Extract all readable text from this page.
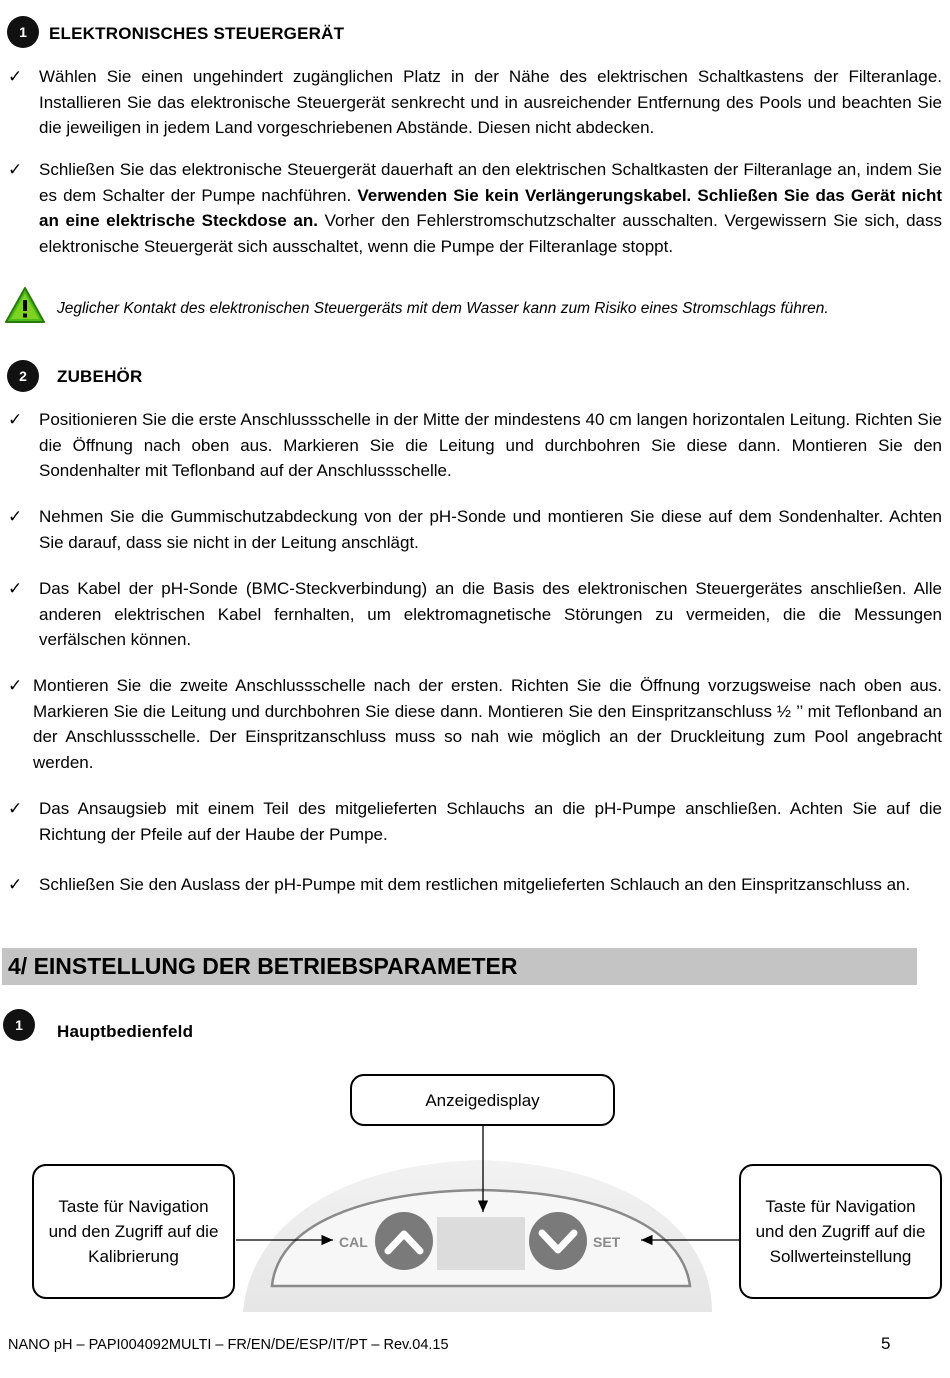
1	ELEKTRONISCHES STEUERGERÄT
✓ Wählen Sie einen ungehindert zugänglichen Platz in der Nähe des elektrischen Schaltkastens der Filteranlage. Installieren Sie das elektronische Steuergerät senkrecht und in ausreichender Entfernung des Pools und beachten Sie die jeweiligen in jedem Land vorgeschriebenen Abstände. Diesen nicht abdecken.
✓ Schließen Sie das elektronische Steuergerät dauerhaft an den elektrischen Schaltkasten der Filteranlage an, indem Sie es dem Schalter der Pumpe nachführen. Verwenden Sie kein Verlängerungskabel. Schließen Sie das Gerät nicht an eine elektrische Steckdose an. Vorher den Fehlerstromschutzschalter ausschalten. Vergewissern Sie sich, dass elektronische Steuergerät sich ausschaltet, wenn die Pumpe der Filteranlage stoppt.
Jeglicher Kontakt des elektronischen Steuergeräts mit dem Wasser kann zum Risiko eines Stromschlags führen.
2	ZUBEHÖR
✓ Positionieren Sie die erste Anschlussschelle in der Mitte der mindestens 40 cm langen horizontalen Leitung. Richten Sie die Öffnung nach oben aus. Markieren Sie die Leitung und durchbohren Sie diese dann. Montieren Sie den Sondenhalter mit Teflonband auf der Anschlussschelle.
✓ Nehmen Sie die Gummischutzabdeckung von der pH-Sonde und montieren Sie diese auf dem Sondenhalter. Achten Sie darauf, dass sie nicht in der Leitung anschlägt.
✓ Das Kabel der pH-Sonde (BMC-Steckverbindung) an die Basis des elektronischen Steuergerätes anschließen. Alle anderen elektrischen Kabel fernhalten, um elektromagnetische Störungen zu vermeiden, die die Messungen verfälschen können.
✓ Montieren Sie die zweite Anschlussschelle nach der ersten. Richten Sie die Öffnung vorzugsweise nach oben aus. Markieren Sie die Leitung und durchbohren Sie diese dann. Montieren Sie den Einspritzanschluss ½ ’’ mit Teflonband an der Anschlussschelle. Der Einspritzanschluss muss so nah wie möglich an der Druckleitung zum Pool angebracht werden.
✓ Das Ansaugsieb mit einem Teil des mitgelieferten Schlauchs an die pH-Pumpe anschließen. Achten Sie auf die Richtung der Pfeile auf der Haube der Pumpe.
✓ Schließen Sie den Auslass der pH-Pumpe mit dem restlichen mitgelieferten Schlauch an den Einspritzanschluss an.
4/ EINSTELLUNG DER BETRIEBSPARAMETER
1	Hauptbedienfeld
CAL	SET
Anzeigedisplay
Taste für Navigation und den Zugriff auf die Kalibrierung
Taste für Navigation und den Zugriff auf die Sollwerteinstellung
NANO pH – PAPI004092MULTI – FR/EN/DE/ESP/IT/PT – Rev.04.15	5
